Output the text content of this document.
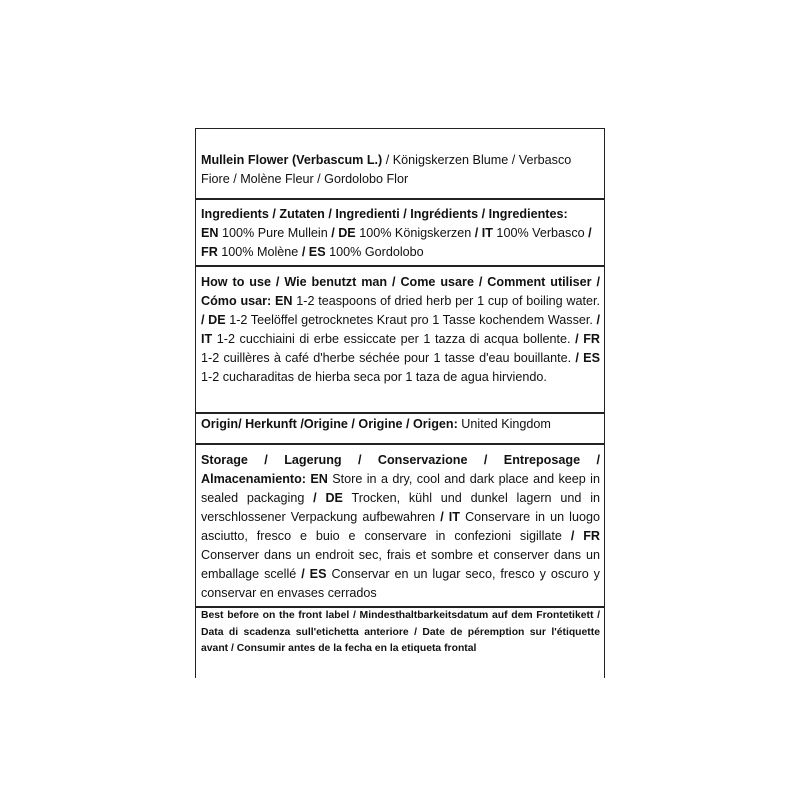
Mullein Flower (Verbascum L.) / Königskerzen Blume / Verbasco Fiore / Molène Fleur / Gordolobo Flor

Ingredients / Zutaten / Ingredienti / Ingrédients / Ingredientes:
EN 100% Pure Mullein / DE 100% Königskerzen / IT 100% Verbasco / FR 100% Molène / ES 100% Gordolobo

How to use / Wie benutzt man / Come usare / Comment utiliser / Cómo usar: EN 1-2 teaspoons of dried herb per 1 cup of boiling water. / DE 1-2 Teelöffel getrocknetes Kraut pro 1 Tasse kochendem Wasser. / IT 1-2 cucchiaini di erbe essiccate per 1 tazza di acqua bollente. / FR 1-2 cuillères à café d'herbe séchée pour 1 tasse d'eau bouillante. / ES 1-2 cucharaditas de hierba seca por 1 taza de agua hirviendo.

Origin/ Herkunft /Origine / Origine / Origen: United Kingdom

Storage / Lagerung / Conservazione / Entreposage / Almacenamiento: EN Store in a dry, cool and dark place and keep in sealed packaging / DE Trocken, kühl und dunkel lagern und in verschlossener Verpackung aufbewahren / IT Conservare in un luogo asciutto, fresco e buio e conservare in confezioni sigillate / FR Conserver dans un endroit sec, frais et sombre et conserver dans un emballage scellé / ES Conservar en un lugar seco, fresco y oscuro y conservar en envases cerrados

Best before on the front label / Mindesthaltbarkeitsdatum auf dem Frontetikett / Data di scadenza sull'etichetta anteriore / Date de péremption sur l'étiquette avant / Consumir antes de la fecha en la etiqueta frontal
